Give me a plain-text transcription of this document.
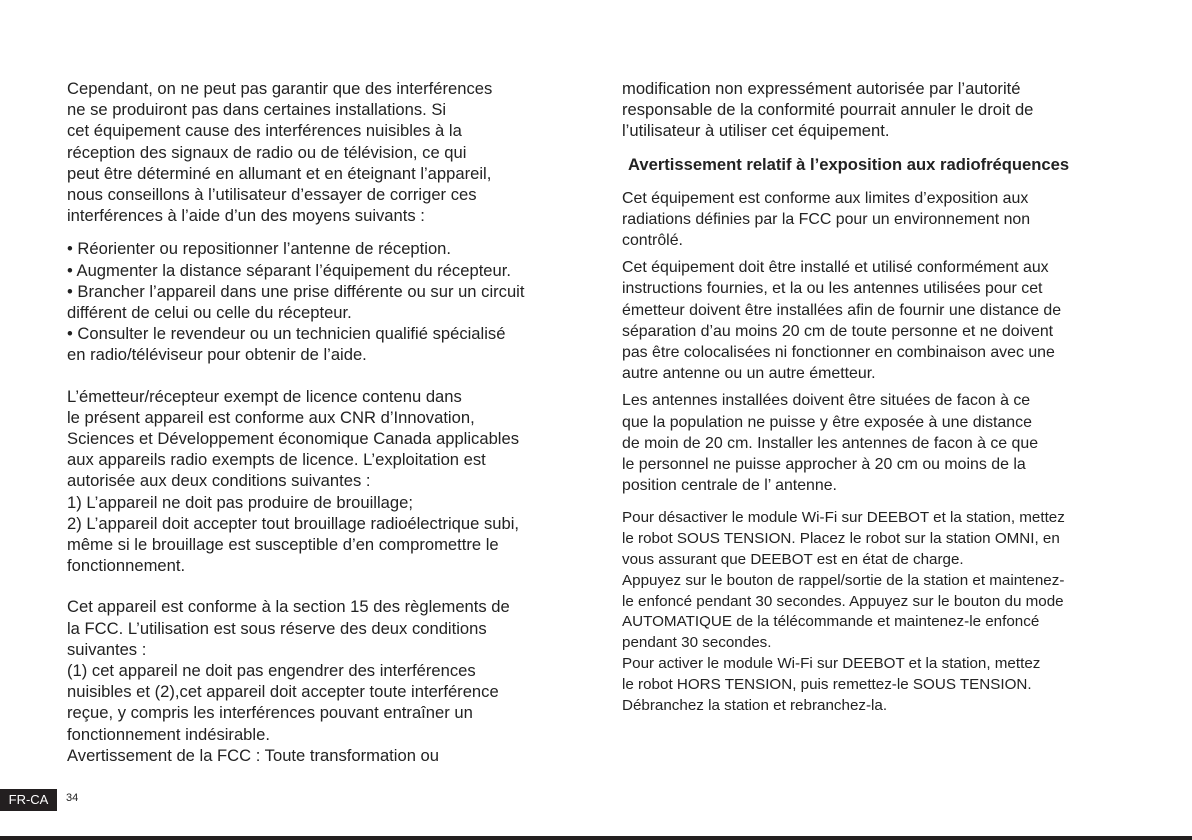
Cependant, on ne peut pas garantir que des interférences
ne se produiront pas dans certaines installations. Si
cet équipement cause des interférences nuisibles à la
réception des signaux de radio ou de télévision, ce qui
peut être déterminé en allumant et en éteignant l’appareil,
nous conseillons à l’utilisateur d’essayer de corriger ces
interférences à l’aide d’un des moyens suivants :
• Réorienter ou repositionner l’antenne de réception.
• Augmenter la distance séparant l’équipement du récepteur.
• Brancher l’appareil dans une prise différente ou sur un circuit
différent de celui ou celle du récepteur.
• Consulter le revendeur ou un technicien qualifié spécialisé
en radio/téléviseur pour obtenir de l’aide.
L’émetteur/récepteur exempt de licence contenu dans
le présent appareil est conforme aux CNR d’Innovation,
Sciences et Développement économique Canada applicables
aux appareils radio exempts de licence. L’exploitation est
autorisée aux deux conditions suivantes :
1) L’appareil ne doit pas produire de brouillage;
2) L’appareil doit accepter tout brouillage radioélectrique subi,
même si le brouillage est susceptible d’en compromettre le
fonctionnement.
Cet appareil est conforme à la section 15 des règlements de
la FCC. L’utilisation est sous réserve des deux conditions
suivantes :
(1) cet appareil ne doit pas engendrer des interférences
nuisibles et (2),cet appareil doit accepter toute interférence
reçue, y compris les interférences pouvant entraîner un
fonctionnement indésirable.
Avertissement de la FCC : Toute transformation ou
modification non expressément autorisée par l’autorité
responsable de la conformité pourrait annuler le droit de
l’utilisateur à utiliser cet équipement.
Avertissement relatif à l’exposition aux radiofréquences
Cet équipement est conforme aux limites d’exposition aux
radiations définies par la FCC pour un environnement non
contrôlé.
Cet équipement doit être installé et utilisé conformément aux
instructions fournies, et la ou les antennes utilisées pour cet
émetteur doivent être installées afin de fournir une distance de
séparation d’au moins 20 cm de toute personne et ne doivent
pas être colocalisées ni fonctionner en combinaison avec une
autre antenne ou un autre émetteur.
Les antennes installées doivent être situées de facon à ce
que la population ne puisse y être exposée à une distance
de moin de 20 cm. Installer les antennes de facon à ce que
le personnel ne puisse approcher à 20 cm ou moins de la
position centrale de l’ antenne.
Pour désactiver le module Wi-Fi sur DEEBOT et la station, mettez
le robot SOUS TENSION. Placez le robot sur la station OMNI, en
vous assurant que DEEBOT est en état de charge.
Appuyez sur le bouton de rappel/sortie de la station et maintenez-
le enfoncé pendant 30 secondes. Appuyez sur le bouton du mode
AUTOMATIQUE de la télécommande et maintenez-le enfoncé
pendant 30 secondes.
Pour activer le module Wi-Fi sur DEEBOT et la station, mettez
le robot HORS TENSION, puis remettez-le SOUS TENSION.
Débranchez la station et rebranchez-la.
FR-CA	34
